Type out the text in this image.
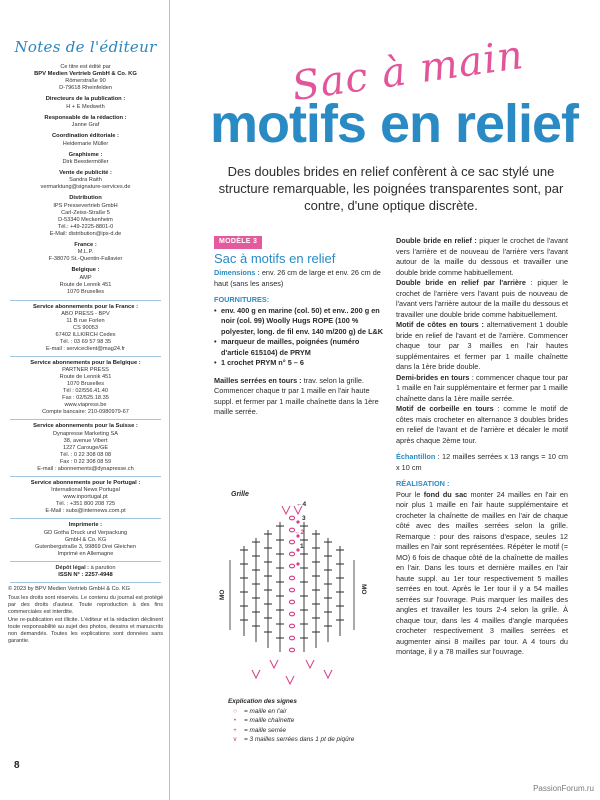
Notes de l'éditeur
Ce titre est édité par
BPV Medien Vertrieb GmbH & Co. KG
Römerstraße 90
D-79618 Rheinfelden
Directeurs de la publication :
H + E Medweth
Responsable de la rédaction :
Janne Graf
Coordination éditoriale :
Heidemarie Müller
Graphisme :
Dirk Beestermöller
Vente de publicité :
Sandra Raith
vermarktung@signature-services.de
Distribution
IPS Pressevertrieb GmbH
Carl-Zeiss-Straße 5
D-53340 Meckenheim
Tél.: +49-2225-8801-0
E-Mail: distribution@ips-d.de
France :
M.L.P.
F-38070 St.-Quentin-Fallavier
Belgique :
AMP
Route de Lennik 451
1070 Bruxelles
Service abonnements pour la France :
ABO PRESS - BPV
11 B rue Forlen
CS 90053
67402 ILLKIRCH Cedex
Tél. : 03 69 57 98 35
E-mail : serviceclient@mag24.fr
Service abonnements pour la Belgique :
PARTNER PRESS
Route de Lennik 451
1070 Bruxelles
Tél : 02/556.41.40
Fax : 02/525.18.35
www.viapress.be
Compte bancaire: 210-0980979-67
Service abonnements pour la Suisse :
Dynapresse Marketing SA
38, avenue Vibert
1227 Carouge/GE
Tél. : 0 22 308 08 08
Fax : 0 22 308 08 59
E-mail : abonnements@dynapresse.ch
Service abonnements pour le Portugal :
International News Portugal
www.inportugal.pt
Tél. : +351 800 208 725
E-Mail : subs@internews.com.pt
Imprimerie :
GD Gotha Druck und Verpackung
GmbH & Co. KG
Gutenbergstraße 3, 99869 Drei Gleichen
Imprimé en Allemagne
Dépôt légal : à parution
ISSN N° : 2257-4948
© 2023 by BPV Medien Vertrieb GmbH & Co. KG
Tous les droits sont réservés. Le contenu du journal est protégé par des droits d'auteur. Toute reproduction à des fins commerciales est interdite.
Une re-publication est illicite. L'éditeur et la rédaction déclinent toute responsabilité au sujet des photos, dessins et manuscrits non demandés. Toutes les explications sont données sans garantie.
8
Sac à main
motifs en relief
Des doubles brides en relief confèrent à ce sac stylé une structure remarquable, les poignées transparentes sont, par contre, d'une optique discrète.
MODÈLE 3
Sac à motifs en relief
Dimensions : env. 26 cm de large et env. 26 cm de haut (sans les anses)
FOURNITURES:
• env. 400 g en marine (col. 50) et env.. 200 g en noir (col. 99) Woolly Hugs ROPE (100 % polyester, long. de fil env. 140 m/200 g) de L&K
• marqueur de mailles, poignées (numéro d'article 615104) de PRYM
• 1 crochet PRYM n° 5 – 6
Mailles serrées en tours : trav. selon la grille. Commencer chaque tr par 1 maille en l'air haute suppl. et fermer par 1 maille chaînette dans la 1ère maille serrée.
Grille
←4
3
←2
1
MO
MO
Explication des signes
○	= maille en l'air
•	= maille chaînette
+	= maille serrée
∨	= 3 mailles serrées dans 1 pt de piqûre
Double bride en relief : piquer le crochet de l'avant vers l'arrière et de nouveau de l'arrière vers l'avant autour de la maille du dessous et travailler une double bride comme habituellement.
Double bride en relief par l'arrière : piquer le crochet de l'arrière vers l'avant puis de nouveau de l'avant vers l'arrière autour de la maille du dessous et travailler une double bride comme habituellement.
Motif de côtes en tours : alternativement 1 double bride en relief de l'avant et de l'arrière. Commencer chaque tour par 3 mailles en l'air hautes supplémentaires et fermer par 1 maille chaînette dans la 1ère bride double.
Demi-brides en tours : commencer chaque tour par 1 maille en l'air supplémentaire et fermer par 1 maille chaînette dans la 1ère maille serrée.
Motif de corbeille en tours : comme le motif de côtes mais crocheter en alternance 3 doubles brides en relief de l'avant et de l'arrière et décaler le motif après chaque 2ème tour.
Échantillon : 12 mailles serrées x 13 rangs = 10 cm x 10 cm
RÉALISATION :
Pour le fond du sac monter 24 mailles en l'air en noir plus 1 maille en l'air haute supplémentaire et crocheter la chaînette de mailles en l'air de chaque côté avec des mailles serrées selon la grille. Remarque : pour des raisons d'espace, seules 12 mailles en l'air sont représentées. Répéter le motif (= MO) 6 fois de chaque côté de la chaînette de mailles en l'air. Dans les tours et dernière mailles en l'air haute suppl. au 1er tour respectivement 5 mailles serrées en tout. Après le 1er tour il y a 54 mailles serrées sur l'ouvrage. Puis marquer les mailles des angles et travailler les tours 2-4 selon la grille. À chaque tour, dans les 4 mailles d'angle marquées crocheter respectivement 3 mailles serrées et augmenter ainsi 8 mailles par tour. A 4 tours du montage, il y a 78 mailles sur l'ouvrage.
PassionForum.ru
